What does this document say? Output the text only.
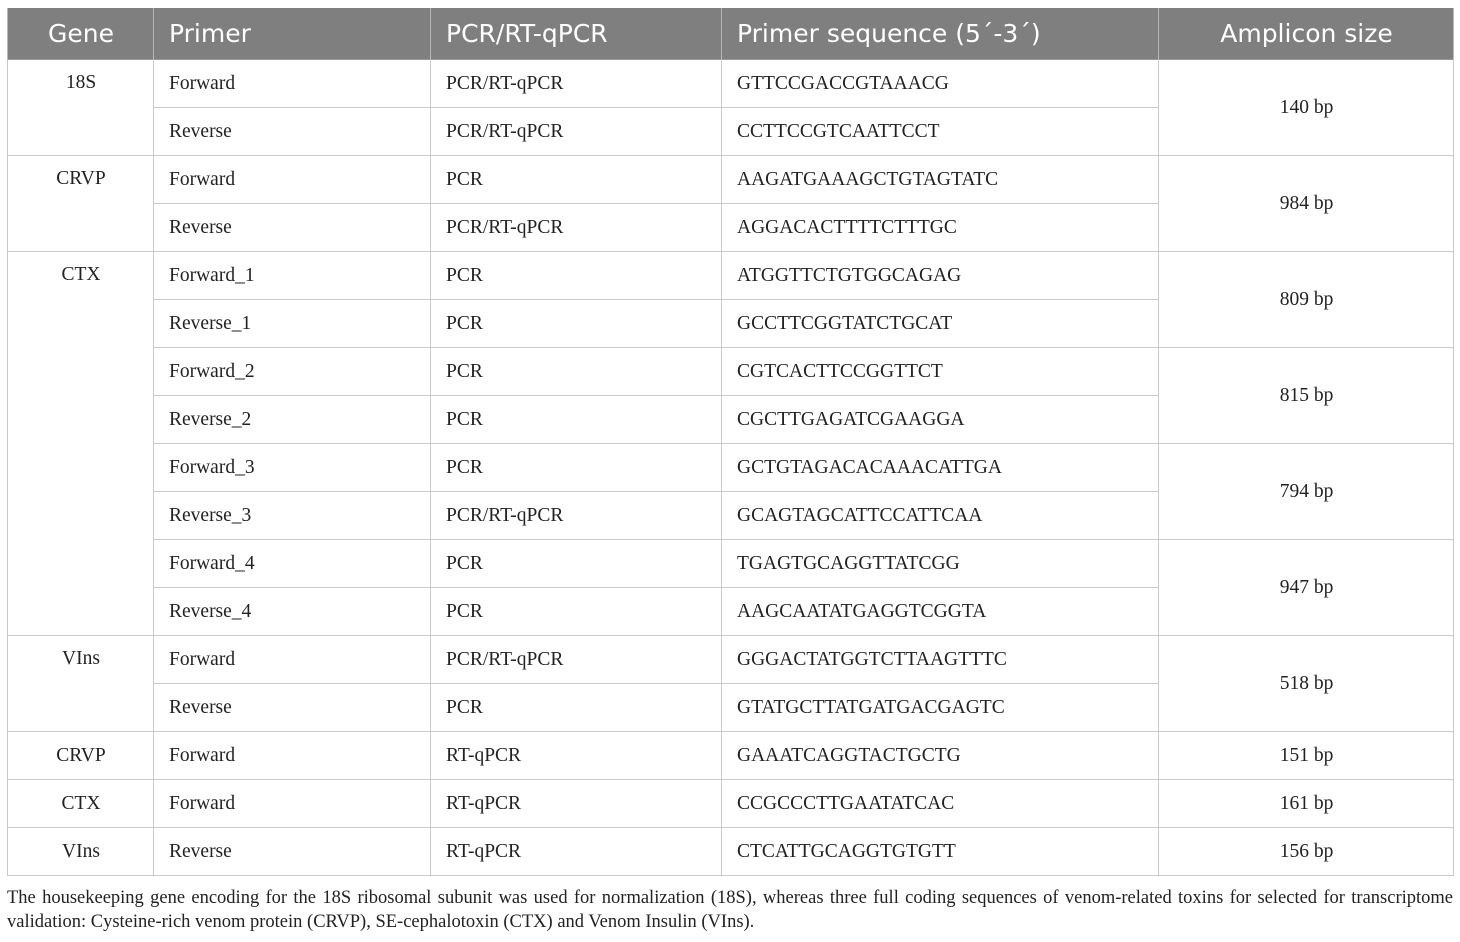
Gene	Primer	PCR/RT-qPCR	Primer sequence (5´-3´)	Amplicon size
18S	Forward	PCR/RT-qPCR	GTTCCGACCGTAAACG	140 bp
	Reverse	PCR/RT-qPCR	CCTTCCGTCAATTCCT	
CRVP	Forward	PCR	AAGATGAAAGCTGTAGTATC	984 bp
	Reverse	PCR/RT-qPCR	AGGACACTTTTCTTTGC	
CTX	Forward_1	PCR	ATGGTTCTGTGGCAGAG	809 bp
	Reverse_1	PCR	GCCTTCGGTATCTGCAT	
	Forward_2	PCR	CGTCACTTCCGGTTCT	815 bp
	Reverse_2	PCR	CGCTTGAGATCGAAGGA	
	Forward_3	PCR	GCTGTAGACACAAACATTGA	794 bp
	Reverse_3	PCR/RT-qPCR	GCAGTAGCATTCCATTCAA	
	Forward_4	PCR	TGAGTGCAGGTTATCGG	947 bp
	Reverse_4	PCR	AAGCAATATGAGGTCGGTA	
VIns	Forward	PCR/RT-qPCR	GGGACTATGGTCTTAAGTTTC	518 bp
	Reverse	PCR	GTATGCTTATGATGACGAGTC	
CRVP	Forward	RT-qPCR	GAAATCAGGTACTGCTG	151 bp
CTX	Forward	RT-qPCR	CCGCCCTTGAATATCAC	161 bp
VIns	Reverse	RT-qPCR	CTCATTGCAGGTGTGTT	156 bp
The housekeeping gene encoding for the 18S ribosomal subunit was used for normalization (18S), whereas three full coding sequences of venom-related toxins for selected for transcriptome validation: Cysteine-rich venom protein (CRVP), SE-cephalotoxin (CTX) and Venom Insulin (VIns).
